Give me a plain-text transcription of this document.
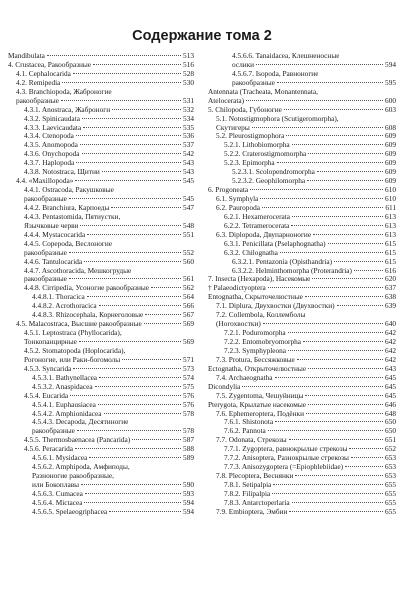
Содержание тома 2
Mandibulata	513
4. Crustacea, Ракообразные	516
4.1. Cephalocarida	528
4.2. Remipedia	530
4.3. Branchiopoda, Жаброногие
ракообразные	531
4.3.1. Anostraca, Жаброноги	532
4.3.2. Spinicaudata	534
4.3.3. Laevicaudata	535
4.3.4. Ctenopoda	536
4.3.5. Anomopoda	537
4.3.6. Onychopoda	542
4.3.7. Haplopoda	543
4.3.8. Notostraca, Щитни	543
4.4. «Maxillopoda»	545
4.4.1. Ostracoda, Ракушковые
ракообразные	545
4.4.2. Branchiura, Карпоеды	547
4.4.3. Pentastomida, Пятиустки,
Язычковые черви	548
4.4.4. Mystacocarida	551
4.4.5. Copepoda, Веслоногие
ракообразные	552
4.4.6. Tantulocarida	560
4.4.7. Ascothoracida, Мешкогрудые
ракообразные	561
4.4.8. Cirripedia, Усоногие ракообразные	562
4.4.8.1. Thoracica	564
4.4.8.2. Acrothoracica	566
4.4.8.3. Rhizocephala, Корнеголовые	567
4.5. Malacostraca, Высшие ракообразные	569
4.5.1. Leptostraca (Phyllocarida),
Тонкопанцирные	569
4.5.2. Stomatopoda (Hoplocarida),
Рогоногие, или Раки-богомолы	571
4.5.3. Syncarida	573
4.5.3.1. Bathynellacea	574
4.5.3.2. Anaspidacea	575
4.5.4. Eucarida	576
4.5.4.1. Euphausiacea	576
4.5.4.2. Amphionidacea	578
4.5.4.3. Decapoda, Десятиногие
ракообразные	578
4.5.5. Thermosbaenacea (Pancarida)	587
4.5.6. Peracarida	588
4.5.6.1. Mysidacea	589
4.5.6.2. Amphipoda, Амфиподы,
Разноногие ракообразные,
или Бокоплавы	590
4.5.6.3. Cumacea	593
4.5.6.4. Mictacea	594
4.5.6.5. Spelaeogriphacea	594
4.5.6.6. Tanaidacea, Клешненосные
ослики	594
4.5.6.7. Isopoda, Равноногие
ракообразные	595
Antennata (Tracheata, Monantennata,
Atelocerata)	600
5. Chilopoda, Губоногие	603
5.1. Notostigmophora (Scutigeromorpha),
Скутигеры	608
5.2. Pleurostigmophora	609
5.2.1. Lithobiomorpha	609
5.2.2. Craterostigmomorpha	609
5.2.3. Epimorpha	609
5.2.3.1. Scolopendromorpha	609
5.2.3.2. Geophilomorpha	609
6. Progoneata	610
6.1. Symphyla	610
6.2. Pauropoda	611
6.2.1. Hexameroceratа	613
6.2.2. Tetrameroceratа	613
6.3. Diplopoda, Двупарноногие	613
6.3.1. Penicillata (Pselaphognatha)	615
6.3.2. Chilognatha	615
6.3.2.1. Pentazonia (Opisthandria)	615
6.3.2.2. Helminthomorpha (Proterandria)	616
7. Insecta (Hexapoda), Насекомые	620
† Palaeodictyoptera	637
Entognatha, Скрыточелюстные	638
7.1. Diplura, Двухвостки (Двухвостки)	639
7.2. Collembola, Коллемболы
(Ногохвостки)	640
7.2.1. Poduromorpha	642
7.2.2. Entomobryomorpha	642
7.2.3. Symphypleona	642
7.3. Protura, Бессяжковые	642
Ectognatha, Открыточелюстные	643
7.4. Archaeognatha	645
Dicondylia	645
7.5. Zygentoma, Чешуйницы	645
Pterygota, Крылатые насекомые	646
7.6. Ephemeroptera, Подёнки	648
7.6.1. Shistonota	650
7.6.2. Pannota	650
7.7. Odonata, Стрекозы	651
7.7.1. Zygoptera, равнокрылые стрекозы	652
7.7.2. Anisoptera, Разнокрылые стрекозы	653
7.7.3. Anisozygoptera (=Epiophlebiidae)	653
7.8. Plecoptera, Веснянки	653
7.8.1. Setipalpia	655
7.8.2. Filipalpia	655
7.8.3. Antarctoperlaria	655
7.9. Embioptera, Эмбии	655
